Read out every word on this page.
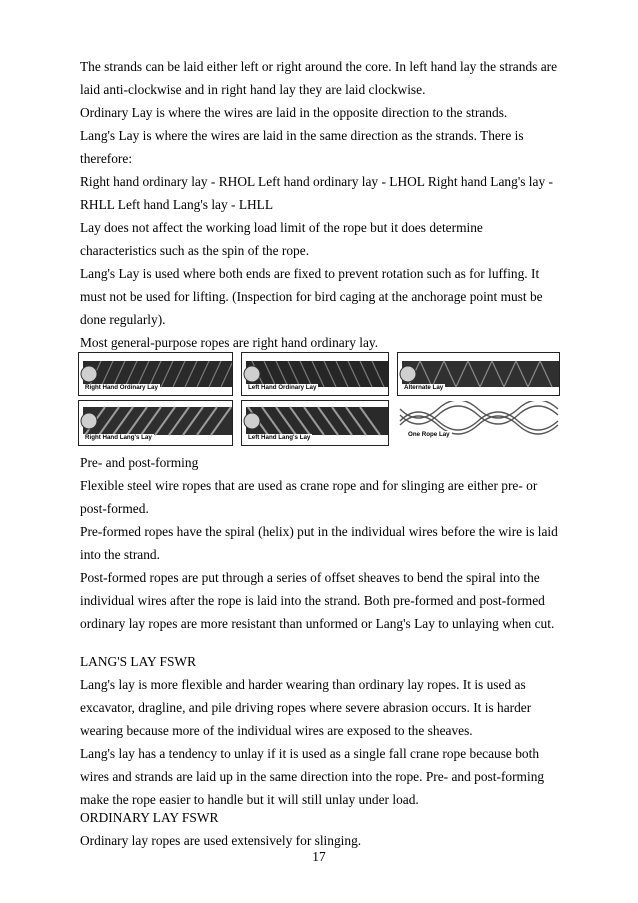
The strands can be laid either left or right around the core. In left hand lay the strands are laid anti-clockwise and in right hand lay they are laid clockwise.

Ordinary Lay is where the wires are laid in the opposite direction to the strands.

Lang's Lay is where the wires are laid in the same direction as the strands. There is therefore:

Right hand ordinary lay - RHOL Left hand ordinary lay - LHOL Right hand Lang's lay - RHLL Left hand Lang's lay - LHLL

Lay does not affect the working load limit of the rope but it does determine characteristics such as the spin of the rope.

Lang's Lay is used where both ends are fixed to prevent rotation such as for luffing. It must not be used for lifting. (Inspection for bird caging at the anchorage point must be done regularly).

Most general-purpose ropes are right hand ordinary lay.

Right Hand Ordinary Lay	Left Hand Ordinary Lay	Alternate Lay
Right Hand Lang's Lay	Left Hand Lang's Lay	One Rope Lay

Pre- and post-forming

Flexible steel wire ropes that are used as crane rope and for slinging are either pre- or post-formed.

Pre-formed ropes have the spiral (helix) put in the individual wires before the wire is laid into the strand.

Post-formed ropes are put through a series of offset sheaves to bend the spiral into the individual wires after the rope is laid into the strand. Both pre-formed and post-formed ordinary lay ropes are more resistant than unformed or Lang's Lay to unlaying when cut.

LANG'S LAY FSWR

Lang's lay is more flexible and harder wearing than ordinary lay ropes. It is used as excavator, dragline, and pile driving ropes where severe abrasion occurs. It is harder wearing because more of the individual wires are exposed to the sheaves.

Lang's lay has a tendency to unlay if it is used as a single fall crane rope because both wires and strands are laid up in the same direction into the rope. Pre- and post-forming make the rope easier to handle but it will still unlay under load.

ORDINARY LAY FSWR

Ordinary lay ropes are used extensively for slinging.

17
